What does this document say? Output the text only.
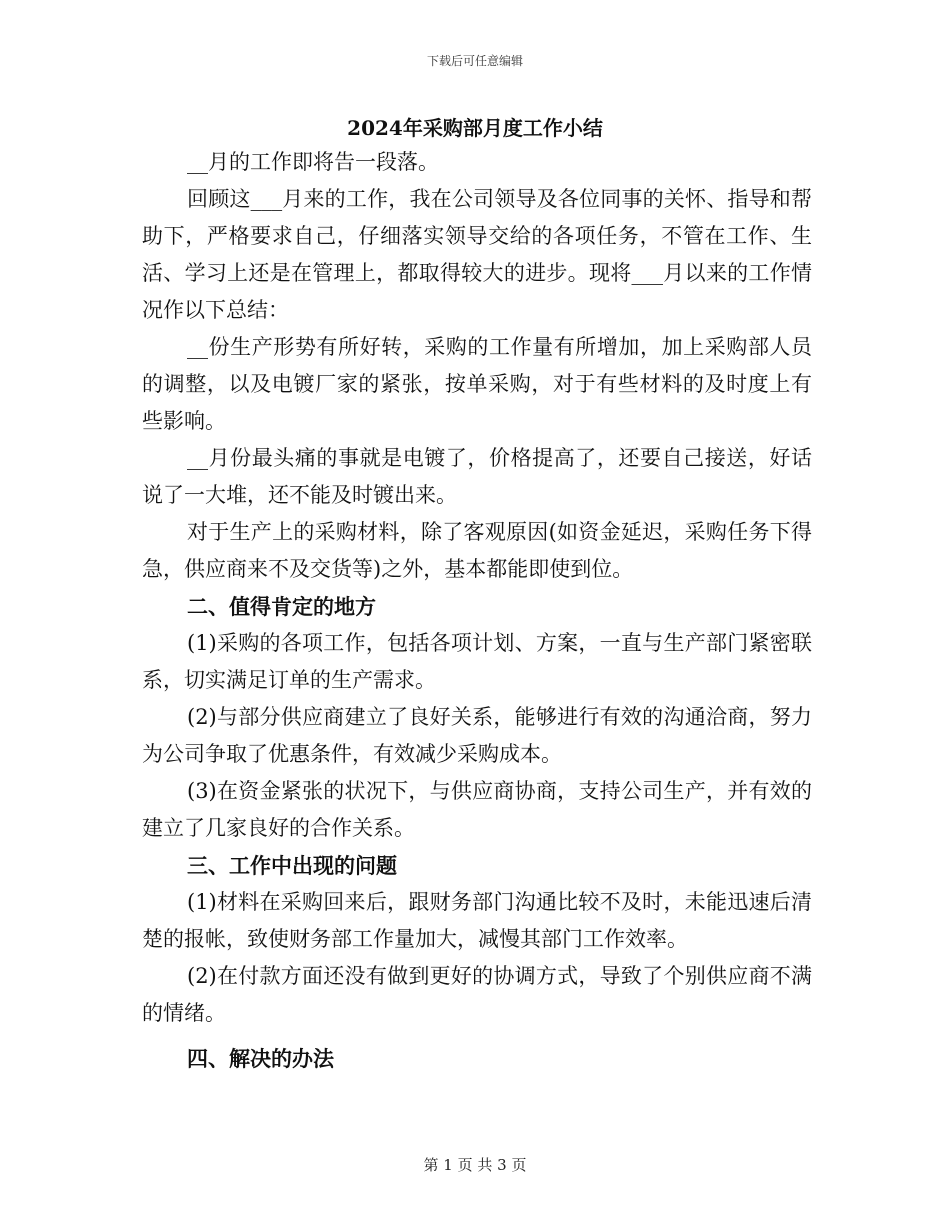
下载后可任意编辑
2024年采购部月度工作小结

__月的工作即将告一段落。

回顾这___月来的工作，我在公司领导及各位同事的关怀、指导和帮助下，严格要求自己，仔细落实领导交给的各项任务，不管在工作、生活、学习上还是在管理上，都取得较大的进步。现将___月以来的工作情况作以下总结：

__份生产形势有所好转，采购的工作量有所增加，加上采购部人员的调整，以及电镀厂家的紧张，按单采购，对于有些材料的及时度上有些影响。

__月份最头痛的事就是电镀了，价格提高了，还要自己接送，好话说了一大堆，还不能及时镀出来。

对于生产上的采购材料，除了客观原因(如资金延迟，采购任务下得急，供应商来不及交货等)之外，基本都能即使到位。

二、值得肯定的地方

(1)采购的各项工作，包括各项计划、方案，一直与生产部门紧密联系，切实满足订单的生产需求。

(2)与部分供应商建立了良好关系，能够进行有效的沟通洽商，努力为公司争取了优惠条件，有效减少采购成本。

(3)在资金紧张的状况下，与供应商协商，支持公司生产，并有效的建立了几家良好的合作关系。

三、工作中出现的问题

(1)材料在采购回来后，跟财务部门沟通比较不及时，未能迅速后清楚的报帐，致使财务部工作量加大，减慢其部门工作效率。

(2)在付款方面还没有做到更好的协调方式，导致了个别供应商不满的情绪。

四、解决的办法

第 1 页 共 3 页
